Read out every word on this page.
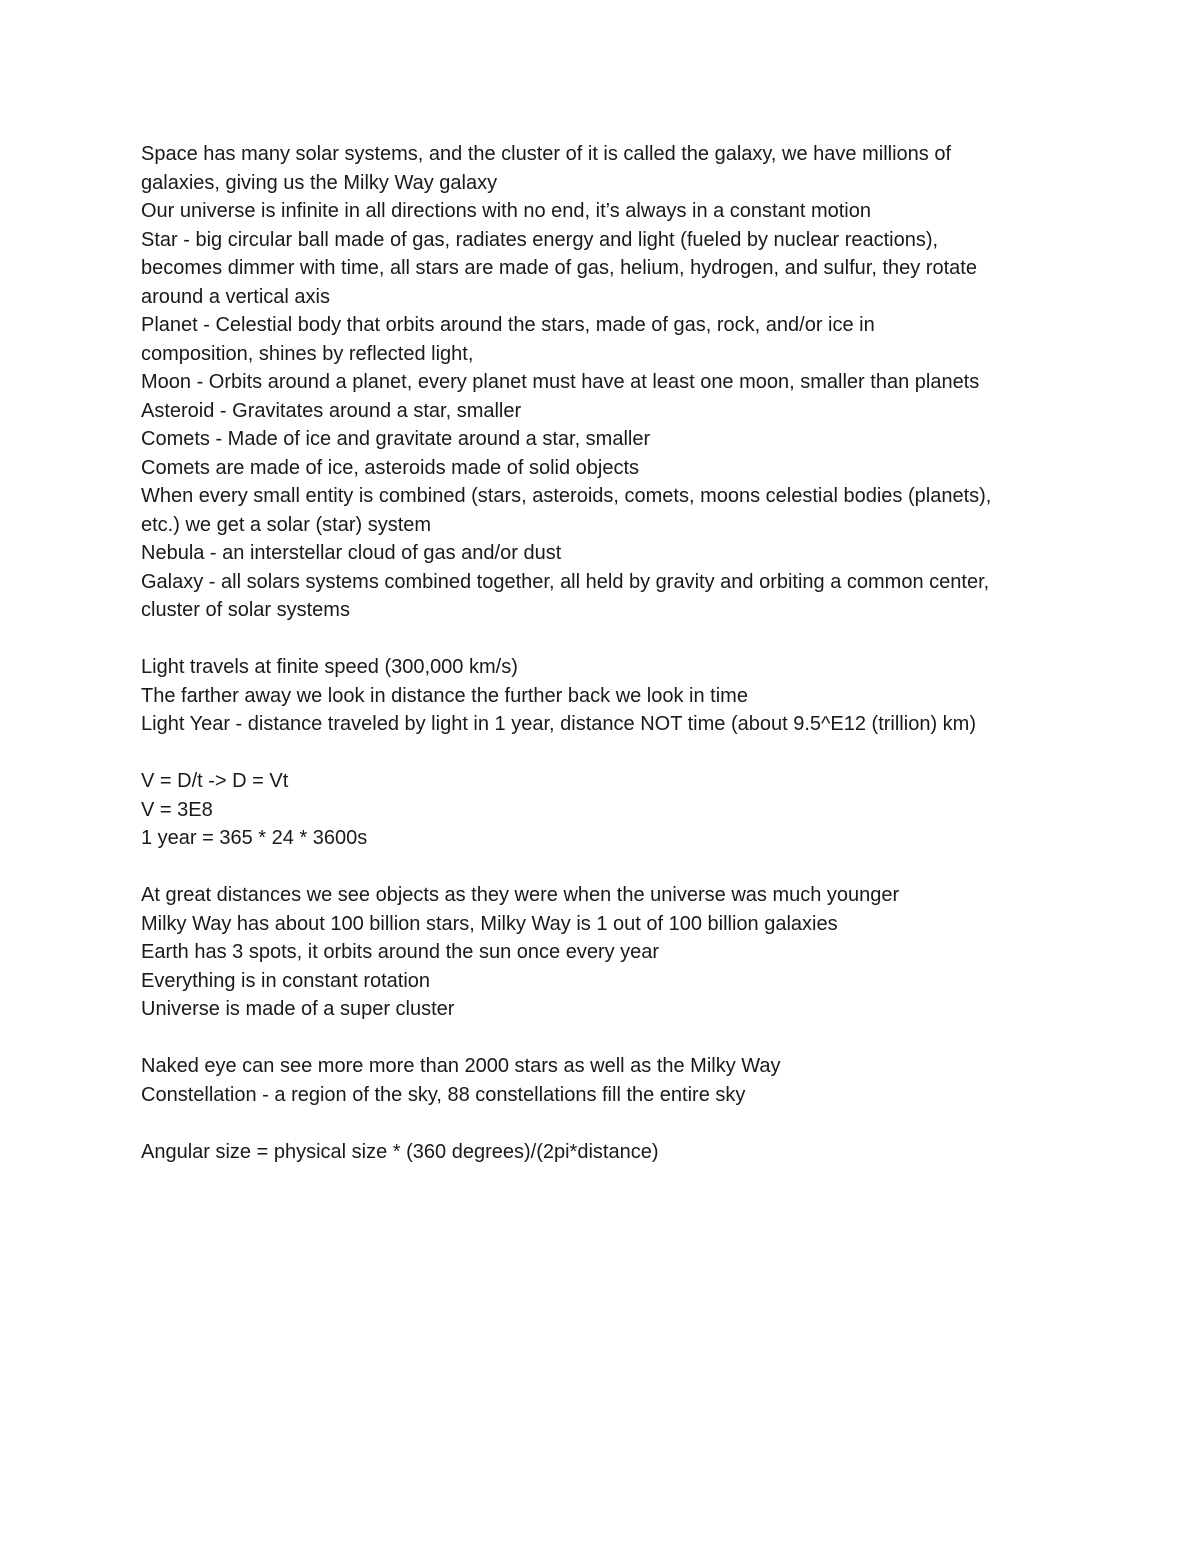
Space has many solar systems, and the cluster of it is called the galaxy, we have millions of
galaxies, giving us the Milky Way galaxy
Our universe is infinite in all directions with no end, it’s always in a constant motion
Star - big circular ball made of gas, radiates energy and light (fueled by nuclear reactions),
becomes dimmer with time, all stars are made of gas, helium, hydrogen, and sulfur, they rotate
around a vertical axis
Planet - Celestial body that orbits around the stars, made of gas, rock, and/or ice in
composition, shines by reflected light,
Moon - Orbits around a planet, every planet must have at least one moon, smaller than planets
Asteroid - Gravitates around a star, smaller
Comets - Made of ice and gravitate around a star, smaller
Comets are made of ice, asteroids made of solid objects
When every small entity is combined (stars, asteroids, comets, moons celestial bodies (planets),
etc.) we get a solar (star) system
Nebula - an interstellar cloud of gas and/or dust
Galaxy - all solars systems combined together, all held by gravity and orbiting a common center,
cluster of solar systems
Light travels at finite speed (300,000 km/s)
The farther away we look in distance the further back we look in time
Light Year - distance traveled by light in 1 year, distance NOT time (about 9.5^E12 (trillion) km)
V = D/t -> D = Vt
V = 3E8
1 year = 365 * 24 * 3600s
At great distances we see objects as they were when the universe was much younger
Milky Way has about 100 billion stars, Milky Way is 1 out of 100 billion galaxies
Earth has 3 spots, it orbits around the sun once every year
Everything is in constant rotation
Universe is made of a super cluster
Naked eye can see more more than 2000 stars as well as the Milky Way
Constellation - a region of the sky, 88 constellations fill the entire sky
Angular size = physical size * (360 degrees)/(2pi*distance)
